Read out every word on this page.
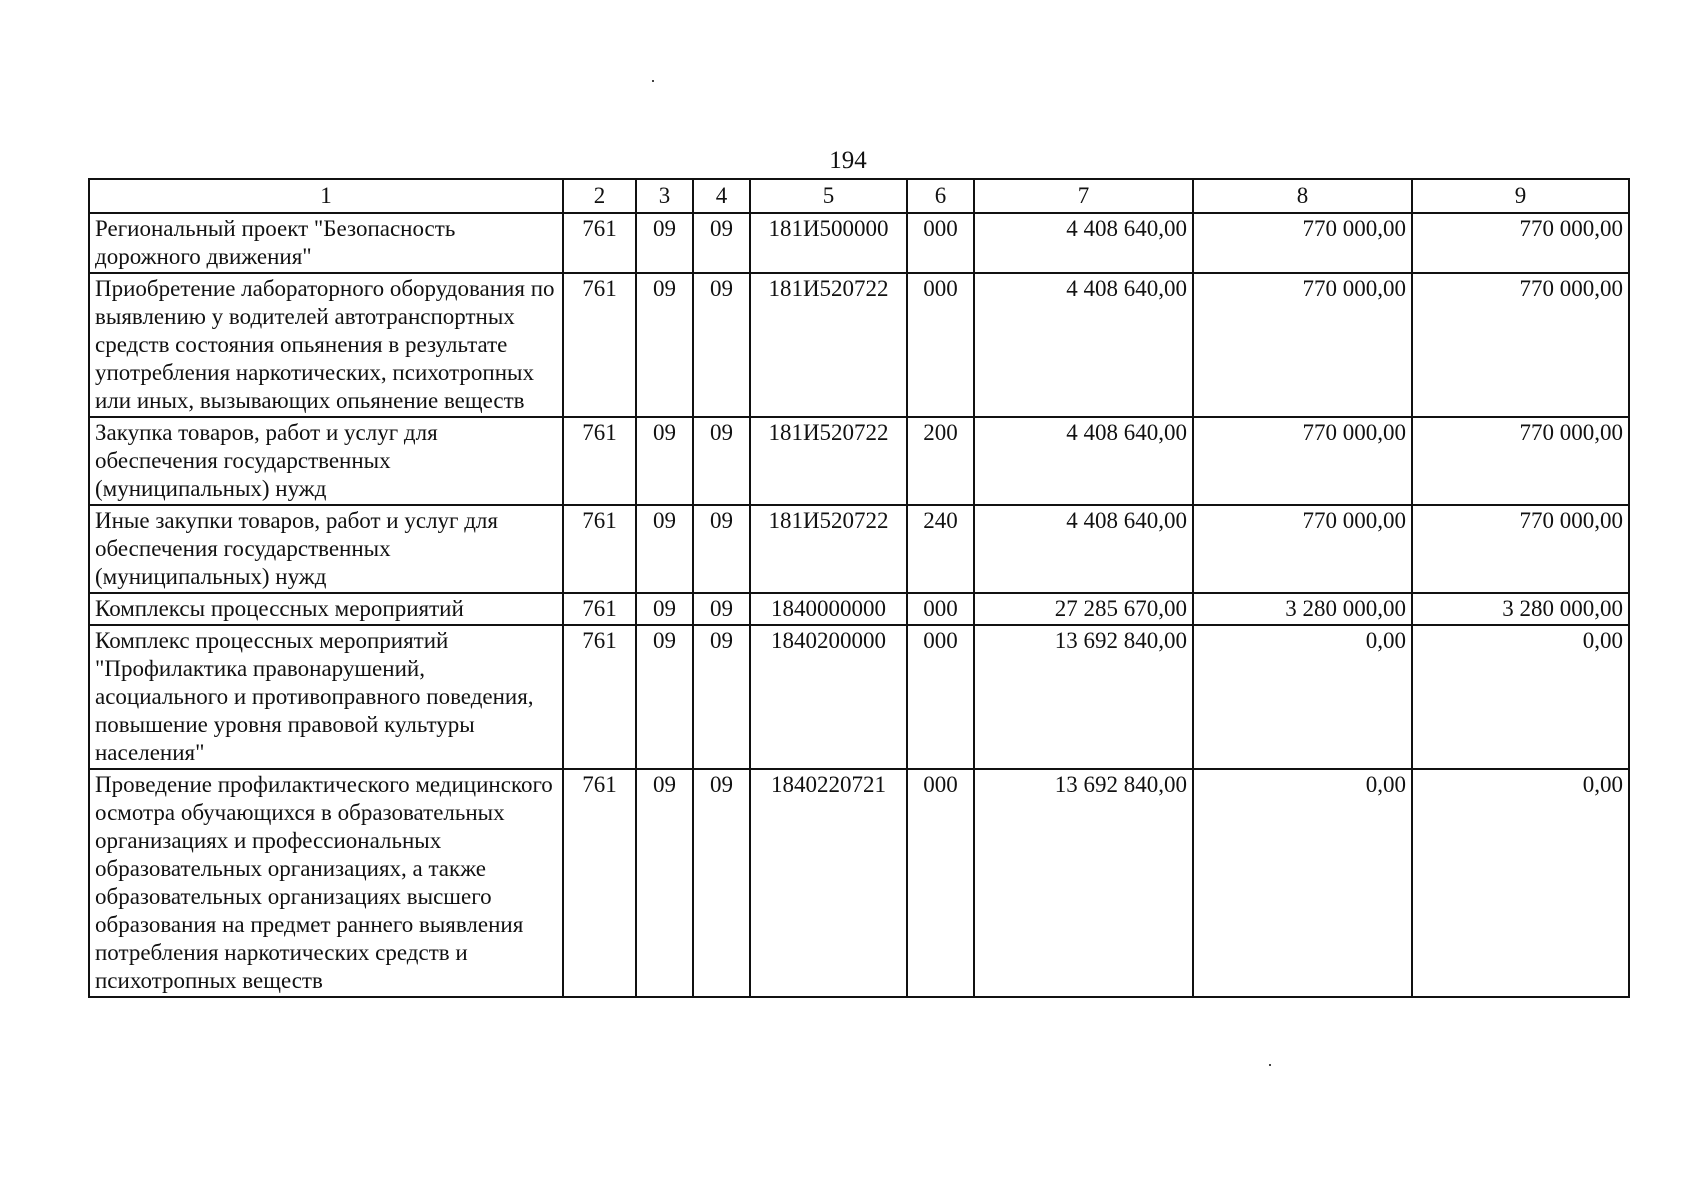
194
1	2	3	4	5	6	7	8	9
Региональный проект "Безопасность дорожного движения"	761	09	09	181И500000	000	4 408 640,00	770 000,00	770 000,00
Приобретение лабораторного оборудования по выявлению у водителей автотранспортных средств состояния опьянения в результате употребления наркотических, психотропных или иных, вызывающих опьянение веществ	761	09	09	181И520722	000	4 408 640,00	770 000,00	770 000,00
Закупка товаров, работ и услуг для обеспечения государственных (муниципальных) нужд	761	09	09	181И520722	200	4 408 640,00	770 000,00	770 000,00
Иные закупки товаров, работ и услуг для обеспечения государственных (муниципальных) нужд	761	09	09	181И520722	240	4 408 640,00	770 000,00	770 000,00
Комплексы процессных мероприятий	761	09	09	1840000000	000	27 285 670,00	3 280 000,00	3 280 000,00
Комплекс процессных мероприятий "Профилактика правонарушений, асоциального и противоправного поведения, повышение уровня правовой культуры населения"	761	09	09	1840200000	000	13 692 840,00	0,00	0,00
Проведение профилактического медицинского осмотра обучающихся в образовательных организациях и профессиональных образовательных организациях, а также образовательных организациях высшего образования на предмет раннего выявления потребления наркотических средств и психотропных веществ	761	09	09	1840220721	000	13 692 840,00	0,00	0,00
